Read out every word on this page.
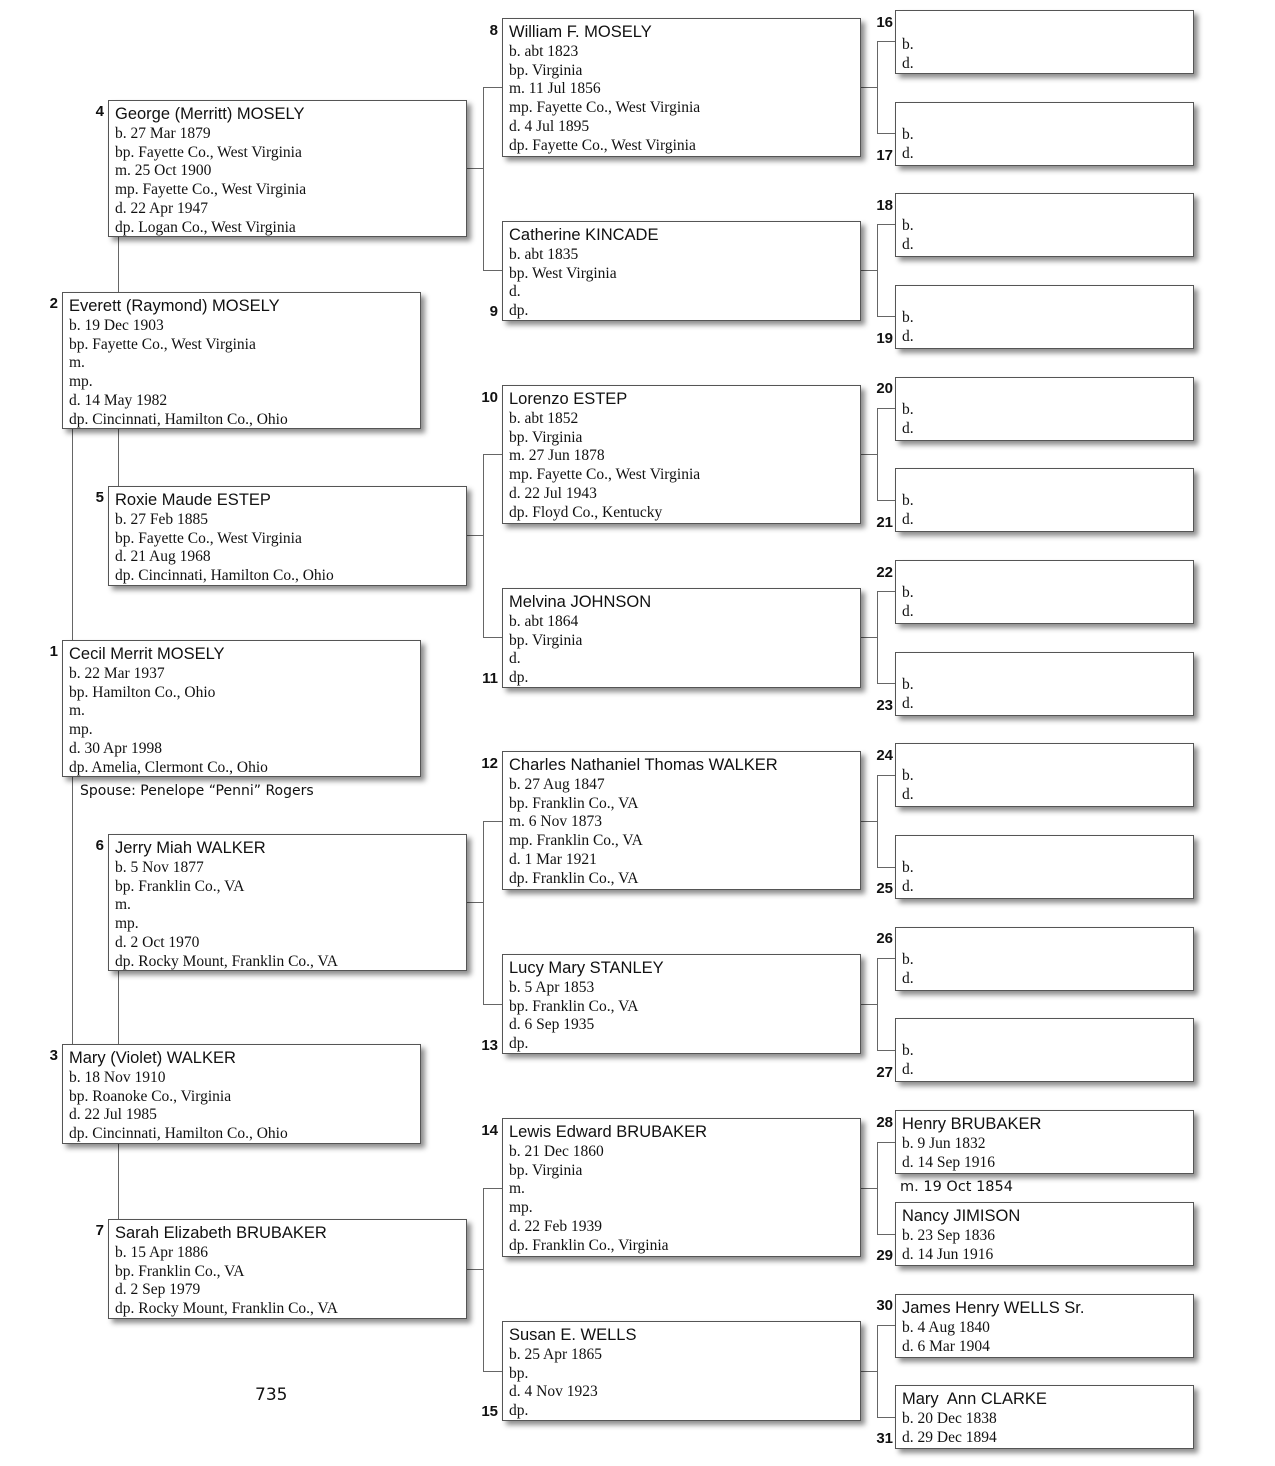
1 Cecil Merrit MOSELY
b. 22 Mar 1937
bp. Hamilton Co., Ohio
m.
mp.
d. 30 Apr 1998
dp. Amelia, Clermont Co., Ohio
Spouse: Penelope “Penni” Rogers
2 Everett (Raymond) MOSELY
b. 19 Dec 1903
bp. Fayette Co., West Virginia
m.
mp.
d. 14 May 1982
dp. Cincinnati, Hamilton Co., Ohio
3 Mary (Violet) WALKER
b. 18 Nov 1910
bp. Roanoke Co., Virginia
d. 22 Jul 1985
dp. Cincinnati, Hamilton Co., Ohio
4 George (Merritt) MOSELY
b. 27 Mar 1879
bp. Fayette Co., West Virginia
m. 25 Oct 1900
mp. Fayette Co., West Virginia
d. 22 Apr 1947
dp. Logan Co., West Virginia
5 Roxie Maude ESTEP
b. 27 Feb 1885
bp. Fayette Co., West Virginia
d. 21 Aug 1968
dp. Cincinnati, Hamilton Co., Ohio
6 Jerry Miah WALKER
b. 5 Nov 1877
bp. Franklin Co., VA
m.
mp.
d. 2 Oct 1970
dp. Rocky Mount, Franklin Co., VA
7 Sarah Elizabeth BRUBAKER
b. 15 Apr 1886
bp. Franklin Co., VA
d. 2 Sep 1979
dp. Rocky Mount, Franklin Co., VA
8 William F. MOSELY
b. abt 1823
bp. Virginia
m. 11 Jul 1856
mp. Fayette Co., West Virginia
d. 4 Jul 1895
dp. Fayette Co., West Virginia
9
Catherine KINCADE
b. abt 1835
bp. West Virginia
d.
dp.
10 Lorenzo ESTEP
b. abt 1852
bp. Virginia
m. 27 Jun 1878
mp. Fayette Co., West Virginia
d. 22 Jul 1943
dp. Floyd Co., Kentucky
11
Melvina JOHNSON
b. abt 1864
bp. Virginia
d.
dp.
12 Charles Nathaniel Thomas WALKER
b. 27 Aug 1847
bp. Franklin Co., VA
m. 6 Nov 1873
mp. Franklin Co., VA
d. 1 Mar 1921
dp. Franklin Co., VA
13
Lucy Mary STANLEY
b. 5 Apr 1853
bp. Franklin Co., VA
d. 6 Sep 1935
dp.
14 Lewis Edward BRUBAKER
b. 21 Dec 1860
bp. Virginia
m.
mp.
d. 22 Feb 1939
dp. Franklin Co., Virginia
15
Susan E. WELLS
b. 25 Apr 1865
bp.
d. 4 Nov 1923
dp.
16
b.
d.
17
b.
d.
18
b.
d.
19
b.
d.
20
b.
d.
21
b.
d.
22
b.
d.
23
b.
d.
24
b.
d.
25
b.
d.
26
b.
d.
27
b.
d.
28 Henry BRUBAKER
b. 9 Jun 1832
d. 14 Sep 1916
m. 19 Oct 1854
29
Nancy JIMISON
b. 23 Sep 1836
d. 14 Jun 1916
30 James Henry WELLS Sr.
b. 4 Aug 1840
d. 6 Mar 1904
31
Mary  Ann CLARKE
b. 20 Dec 1838
d. 29 Dec 1894
735
